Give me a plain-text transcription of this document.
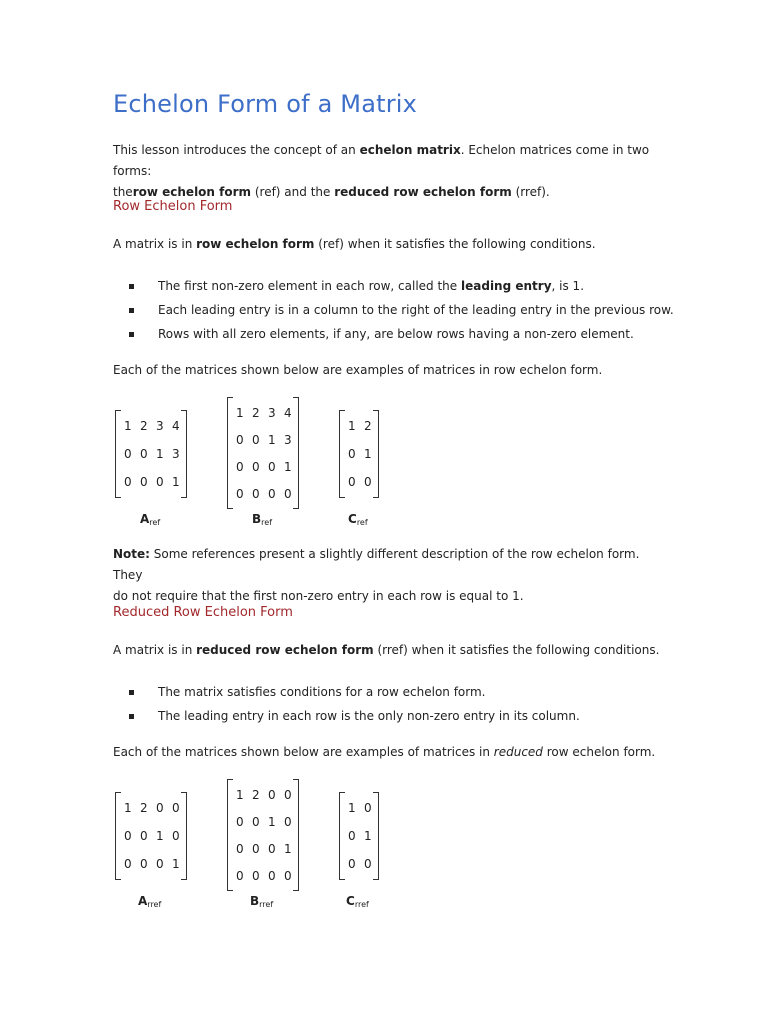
Echelon Form of a Matrix

This lesson introduces the concept of an echelon matrix. Echelon matrices come in two forms:
therow echelon form (ref) and the reduced row echelon form (rref).

Row Echelon Form

A matrix is in row echelon form (ref) when it satisfies the following conditions.

The first non-zero element in each row, called the leading entry, is 1.
Each leading entry is in a column to the right of the leading entry in the previous row.
Rows with all zero elements, if any, are below rows having a non-zero element.

Each of the matrices shown below are examples of matrices in row echelon form.

1 2 3 4
0 0 1 3
0 0 0 1
$A_{ref}$
1 2 3 4
0 0 1 3
0 0 0 1
0 0 0 0
$B_{ref}$
1 2
0 1
0 0
$C_{ref}$

Note: Some references present a slightly different description of the row echelon form. They
do not require that the first non-zero entry in each row is equal to 1.

Reduced Row Echelon Form

A matrix is in reduced row echelon form (rref) when it satisfies the following conditions.

The matrix satisfies conditions for a row echelon form.
The leading entry in each row is the only non-zero entry in its column.

Each of the matrices shown below are examples of matrices in reduced row echelon form.

1 2 0 0
0 0 1 0
0 0 0 1
$A_{rref}$
1 2 0 0
0 0 1 0
0 0 0 1
0 0 0 0
$B_{rref}$
1 0
0 1
0 0
$C_{rref}$
